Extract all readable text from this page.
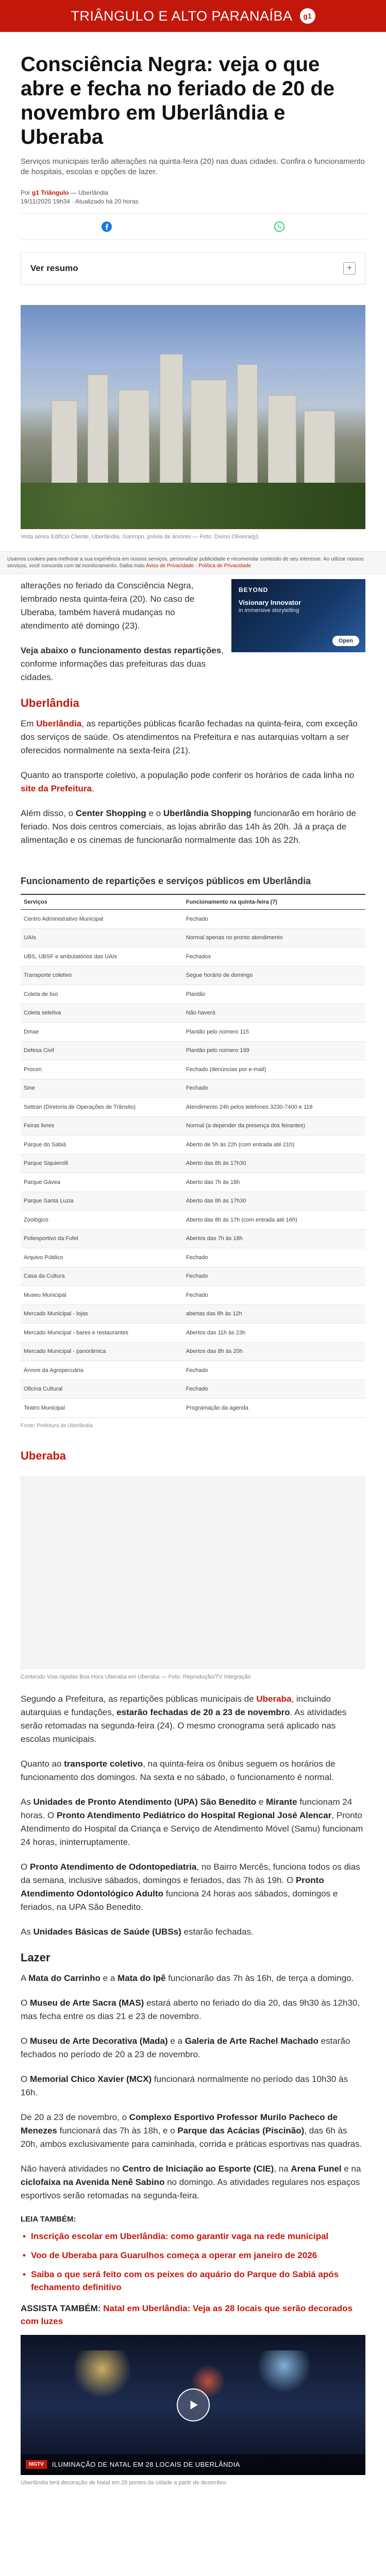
TRIÂNGULO E ALTO PARANAÍBA	g1
Consciência Negra: veja o que abre e fecha no feriado de 20 de novembro em Uberlândia e Uberaba

Serviços municipais terão alterações na quinta-feira (20) nas duas cidades. Confira o funcionamento de hospitais, escolas e opções de lazer.

Por g1 Triângulo — Uberlândia
19/11/2025 19h34 · Atualizado há 20 horas
Ver resumo	+

Vista aérea Edifício Cliente, Uberlândia, Garimpo, prévia de árvores — Foto: Divino Oliveira/g1

Usamos cookies para melhorar a sua experiência em nossos serviços, personalizar publicidade e recomendar conteúdo de seu interesse. Ao utilizar nossos serviços, você concorda com tal monitoramento. Saiba mais Aviso de Privacidade · Política de Privacidade

alterações no feriado da Consciência Negra, lembrado nesta quinta-feira (20). No caso de Uberaba, também haverá mudanças no atendimento até domingo (23).

Veja abaixo o funcionamento destas repartições, conforme informações das prefeituras das duas cidades.

BEYOND
Visionary Innovator
in immersive storytelling
Open
Uberlândia

Em Uberlândia, as repartições públicas ficarão fechadas na quinta-feira, com exceção dos serviços de saúde. Os atendimentos na Prefeitura e nas autarquias voltam a ser oferecidos normalmente na sexta-feira (21).

Quanto ao transporte coletivo, a população pode conferir os horários de cada linha no site da Prefeitura.

Além disso, o Center Shopping e o Uberlândia Shopping funcionarão em horário de feriado. Nos dois centros comerciais, as lojas abrirão das 14h às 20h. Já a praça de alimentação e os cinemas de funcionarão normalmente das 10h às 22h.

Funcionamento de repartições e serviços públicos em Uberlândia
Serviços	Funcionamento na quinta-feira (7)
Centro Administrativo Municipal	Fechado
UAIs	Normal apenas no pronto atendimento
UBS, UBSF e ambulatórios das UAIs	Fechados
Transporte coletivo	Segue horário de domingo
Coleta de lixo	Plantão
Coleta seletiva	Não haverá
Dmae	Plantão pelo número 115
Defesa Civil	Plantão pelo número 199
Procon	Fechado (denúncias por e-mail)
Sine	Fechado
Settran (Diretoria de Operações de Trânsito)	Atendimento 24h pelos telefones 3230-7400 e 118
Feiras livres	Normal (a depender da presença dos feirantes)
Parque do Sabiá	Aberto de 5h às 22h (com entrada até 21h)
Parque Siquierolli	Aberto das 8h às 17h30
Parque Gávea	Aberto das 7h às 18h
Parque Santa Luzia	Aberto das 8h às 17h30
Zoológico	Aberto das 8h às 17h (com entrada até 16h)
Poliesportivo da Fufel	Abertos das 7h às 18h
Arquivo Público	Fechado
Casa da Cultura	Fechado
Museu Municipal	Fechado
Mercado Municipal - lojas	abertas das 8h às 12h
Mercado Municipal - bares e restaurantes	Abertos das 11h às 23h
Mercado Municipal - panorâmica	Abertos das 8h às 20h
Árvore da Agropecuária	Fechado
Oficina Cultural	Fechado
Teatro Municipal	Programação da agenda
Fonte: Prefeitura de Uberlândia
Uberaba

Conteúdo Vias rápidas Boa Hora Uberaba em Uberaba — Foto: Reprodução/TV Integração

Segundo a Prefeitura, as repartições públicas municipais de Uberaba, incluindo autarquias e fundações, estarão fechadas de 20 a 23 de novembro. As atividades serão retomadas na segunda-feira (24). O mesmo cronograma será aplicado nas escolas municipais.

Quanto ao transporte coletivo, na quinta-feira os ônibus seguem os horários de funcionamento dos domingos. Na sexta e no sábado, o funcionamento é normal.

As Unidades de Pronto Atendimento (UPA) São Benedito e Mirante funcionam 24 horas. O Pronto Atendimento Pediátrico do Hospital Regional José Alencar, Pronto Atendimento do Hospital da Criança e Serviço de Atendimento Móvel (Samu) funcionam 24 horas, ininterruptamente.

O Pronto Atendimento de Odontopediatria, no Bairro Mercês, funciona todos os dias da semana, inclusive sábados, domingos e feriados, das 7h às 19h. O Pronto Atendimento Odontológico Adulto funciona 24 horas aos sábados, domingos e feriados, na UPA São Benedito.

As Unidades Básicas de Saúde (UBSs) estarão fechadas.

Lazer

A Mata do Carrinho e a Mata do Ipê funcionarão das 7h às 16h, de terça a domingo.

O Museu de Arte Sacra (MAS) estará aberto no feriado do dia 20, das 9h30 às 12h30, mas fecha entre os dias 21 e 23 de novembro.

O Museu de Arte Decorativa (Mada) e a Galeria de Arte Rachel Machado estarão fechados no período de 20 a 23 de novembro.

O Memorial Chico Xavier (MCX) funcionará normalmente no período das 10h30 às 16h.

De 20 a 23 de novembro, o Complexo Esportivo Professor Murilo Pacheco de Menezes funcionará das 7h às 18h, e o Parque das Acácias (Piscinão), das 6h às 20h, ambos exclusivamente para caminhada, corrida e práticas esportivas nas quadras.

Não haverá atividades no Centro de Iniciação ao Esporte (CIE), na Arena Funel e na ciclofaixa na Avenida Nenê Sabino no domingo. As atividades regulares nos espaços esportivos serão retomadas na segunda-feira.

LEIA TAMBÉM:
• Inscrição escolar em Uberlândia: como garantir vaga na rede municipal
• Voo de Uberaba para Guarulhos começa a operar em janeiro de 2026
• Saiba o que será feito com os peixes do aquário do Parque do Sabiá após fechamento definitivo
ASSISTA TAMBÉM: Natal em Uberlândia: Veja as 28 locais que serão decorados com luzes
MGTV	ILUMINAÇÃO DE NATAL EM 28 LOCAIS DE UBERLÂNDIA

Uberlândia terá decoração de Natal em 28 pontos da cidade a partir de dezembro
